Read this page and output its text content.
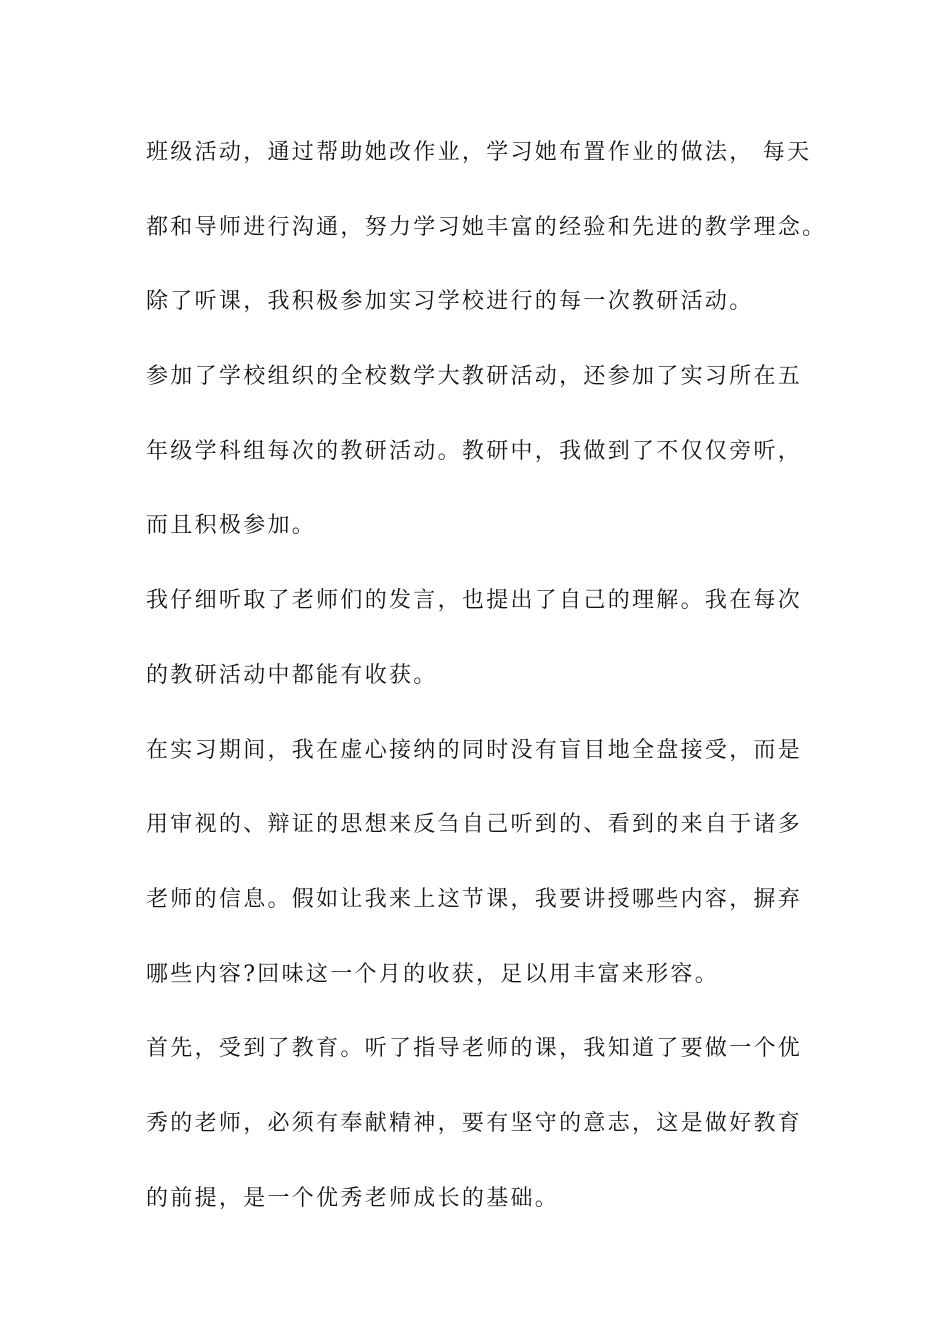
班级活动，通过帮助她改作业，学习她布置作业的做法， 每天
都和导师进行沟通，努力学习她丰富的经验和先进的教学理念。
除了听课，我积极参加实习学校进行的每一次教研活动。
参加了学校组织的全校数学大教研活动，还参加了实习所在五
年级学科组每次的教研活动。教研中，我做到了不仅仅旁听，
而且积极参加。
我仔细听取了老师们的发言，也提出了自己的理解。我在每次
的教研活动中都能有收获。
在实习期间，我在虚心接纳的同时没有盲目地全盘接受，而是
用审视的、辩证的思想来反刍自己听到的、看到的来自于诸多
老师的信息。假如让我来上这节课，我要讲授哪些内容，摒弃
哪些内容?回味这一个月的收获，足以用丰富来形容。
首先，受到了教育。听了指导老师的课，我知道了要做一个优
秀的老师，必须有奉献精神，要有坚守的意志，这是做好教育
的前提，是一个优秀老师成长的基础。
